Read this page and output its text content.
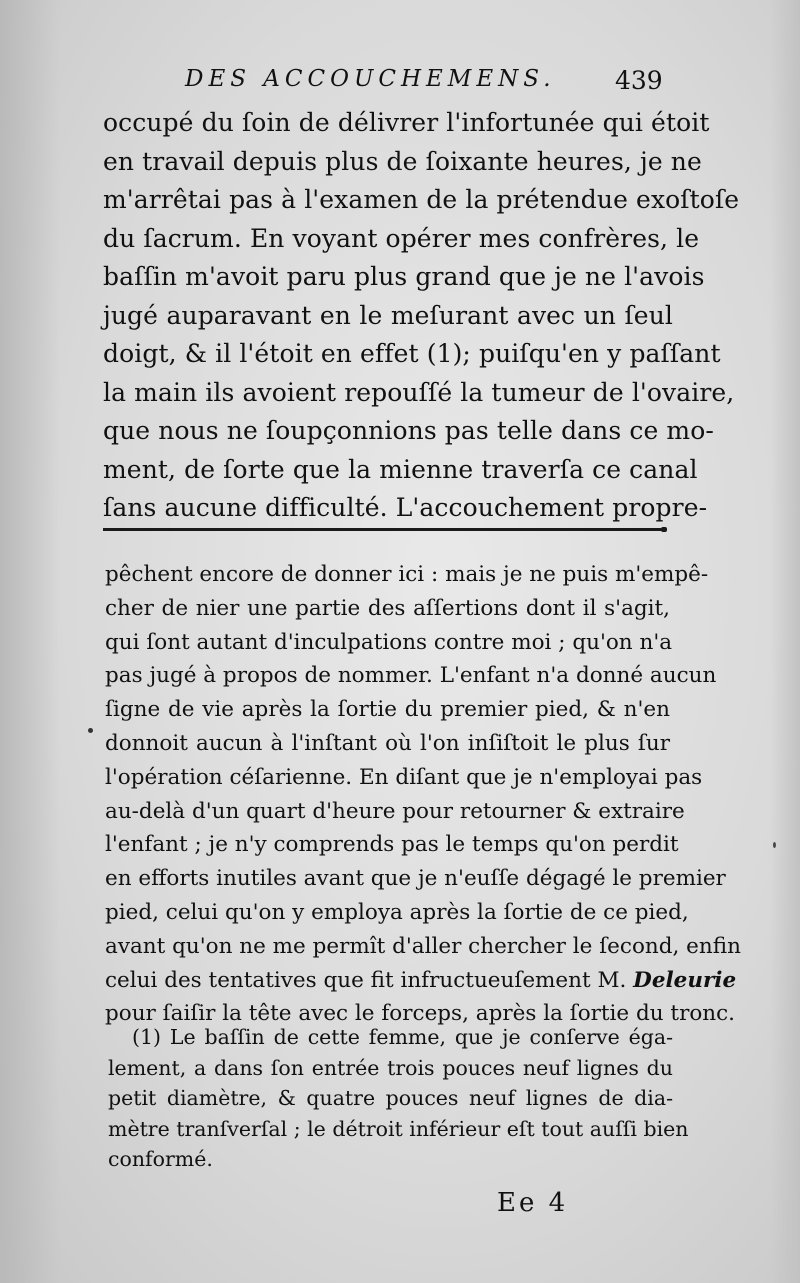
DES ACCOUCHEMENS. 439
occupé du ſoin de délivrer l'infortunée qui étoit
en travail depuis plus de ſoixante heures, je ne
m'arrêtai pas à l'examen de la prétendue exoſtoſe
du ſacrum. En voyant opérer mes confrères, le
baſſin m'avoit paru plus grand que je ne l'avois
jugé auparavant en le meſurant avec un ſeul
doigt, & il l'étoit en effet (1); puiſqu'en y paſſant
la main ils avoient repouſſé la tumeur de l'ovaire,
que nous ne ſoupçonnions pas telle dans ce mo-
ment, de ſorte que la mienne traverſa ce canal
ſans aucune difficulté. L'accouchement propre-
pêchent encore de donner ici : mais je ne puis m'empê-
cher de nier une partie des aſſertions dont il s'agit,
qui ſont autant d'inculpations contre moi ; qu'on n'a
pas jugé à propos de nommer. L'enfant n'a donné aucun
ſigne de vie après la ſortie du premier pied, & n'en
donnoit aucun à l'inſtant où l'on inſiſtoit le plus ſur
l'opération céſarienne. En diſant que je n'employai pas
au-delà d'un quart d'heure pour retourner & extraire
l'enfant ; je n'y comprends pas le temps qu'on perdit
en efforts inutiles avant que je n'euſſe dégagé le premier
pied, celui qu'on y employa après la ſortie de ce pied,
avant qu'on ne me permît d'aller chercher le ſecond, enfin
celui des tentatives que fit infructueuſement M. Deleurie
pour ſaiſir la tête avec le forceps, après la ſortie du tronc.
(1) Le baſſin de cette femme, que je conſerve éga-
lement, a dans ſon entrée trois pouces neuf lignes du
petit diamètre, & quatre pouces neuf lignes de dia-
mètre tranſverſal ; le détroit inférieur eſt tout auſſi bien
conformé.
Ee 4
